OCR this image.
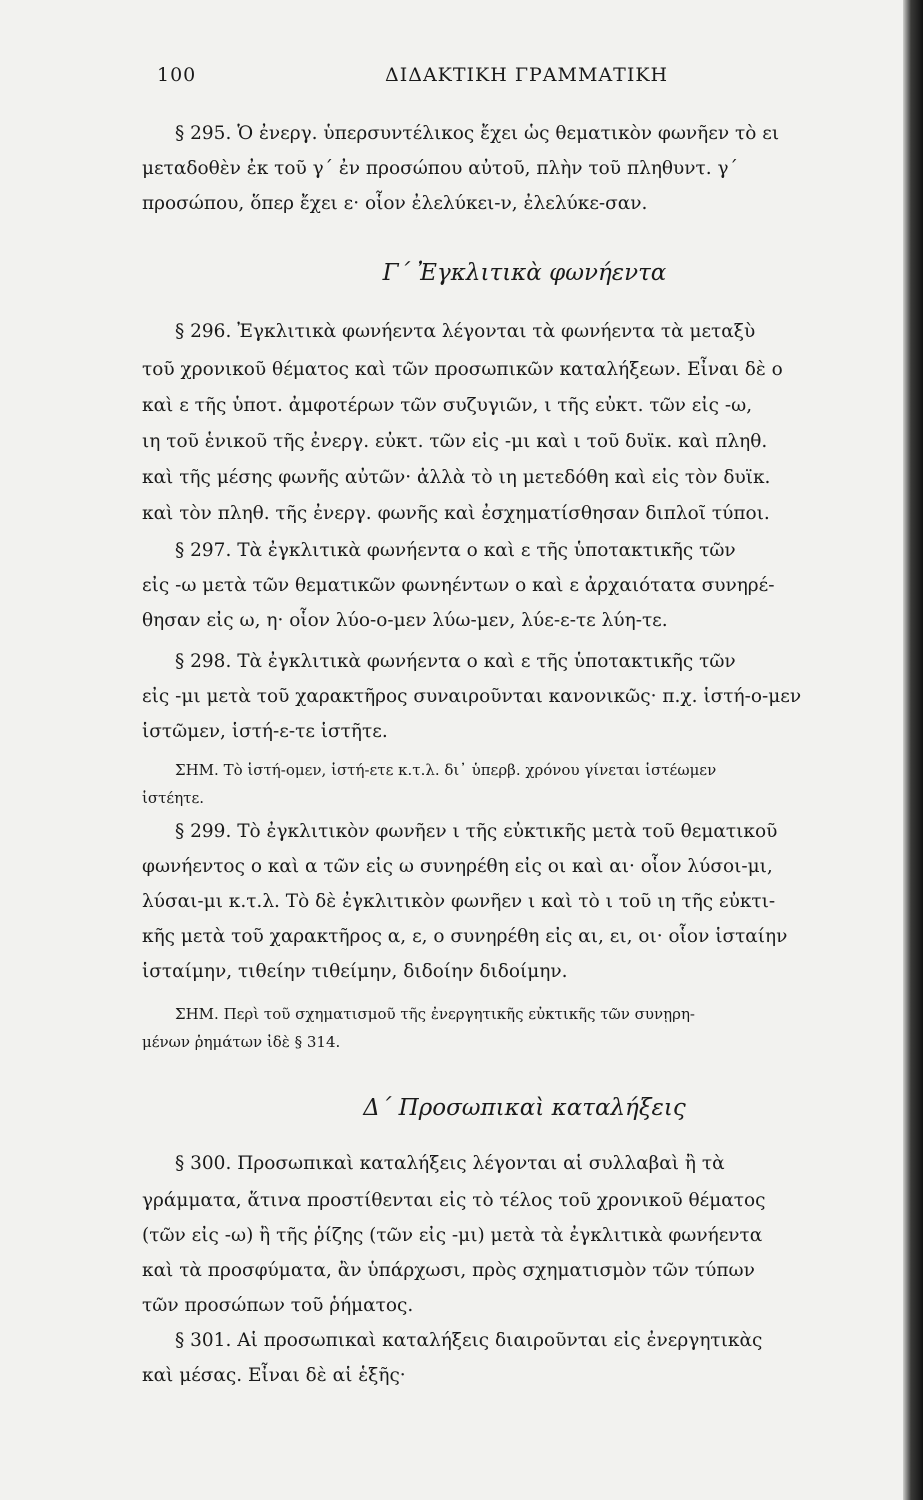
100	ΔΙΔΑΚΤΙΚΗ ΓΡΑΜΜΑΤΙΚΗ
§ 295. Ὁ ἐνεργ. ὑπερσυντέλικος ἔχει ὡς θεματικὸν φωνῆεν τὸ ει
μεταδοθὲν ἐκ τοῦ γ΄ ἐν προσώπου αὐτοῦ, πλὴν τοῦ πληθυντ. γ΄
προσώπου, ὅπερ ἔχει ε· οἷον ἐλελύκει-ν, ἐλελύκε-σαν.
Γ΄ Ἐγκλιτικὰ φωνήεντα
§ 296. Ἐγκλιτικὰ φωνήεντα λέγονται τὰ φωνήεντα τὰ μεταξὺ
τοῦ χρονικοῦ θέματος καὶ τῶν προσωπικῶν καταλήξεων. Εἶναι δὲ ο
καὶ ε τῆς ὑποτ. ἀμφοτέρων τῶν συζυγιῶν, ι τῆς εὐκτ. τῶν εἰς -ω,
ιη τοῦ ἑνικοῦ τῆς ἐνεργ. εὐκτ. τῶν εἰς -μι καὶ ι τοῦ δυϊκ. καὶ πληθ.
καὶ τῆς μέσης φωνῆς αὐτῶν· ἀλλὰ τὸ ιη μετεδόθη καὶ εἰς τὸν δυϊκ.
καὶ τὸν πληθ. τῆς ἐνεργ. φωνῆς καὶ ἐσχηματίσθησαν διπλοῖ τύποι.
§ 297. Τὰ ἐγκλιτικὰ φωνήεντα ο καὶ ε τῆς ὑποτακτικῆς τῶν
εἰς -ω μετὰ τῶν θεματικῶν φωνηέντων ο καὶ ε ἀρχαιότατα συνηρέ-
θησαν εἰς ω, η· οἷον λύο-ο-μεν λύω-μεν, λύε-ε-τε λύη-τε.
§ 298. Τὰ ἐγκλιτικὰ φωνήεντα ο καὶ ε τῆς ὑποτακτικῆς τῶν
εἰς -μι μετὰ τοῦ χαρακτῆρος συναιροῦνται κανονικῶς· π.χ. ἱστή-ο-μεν
ἱστῶμεν, ἱστή-ε-τε ἱστῆτε.
ΣΗΜ. Τὸ ἱστή-ομεν, ἱστή-ετε κ.τ.λ. δι᾽ ὑπερβ. χρόνου γίνεται ἱστέωμεν
ἱστέητε.
§ 299. Τὸ ἐγκλιτικὸν φωνῆεν ι τῆς εὐκτικῆς μετὰ τοῦ θεματικοῦ
φωνήεντος ο καὶ α τῶν εἰς ω συνηρέθη εἰς οι καὶ αι· οἷον λύσοι-μι,
λύσαι-μι κ.τ.λ. Τὸ δὲ ἐγκλιτικὸν φωνῆεν ι καὶ τὸ ι τοῦ ιη τῆς εὐκτι-
κῆς μετὰ τοῦ χαρακτῆρος α, ε, ο συνηρέθη εἰς αι, ει, οι· οἷον ἱσταίην
ἱσταίμην, τιθείην τιθείμην, διδοίην διδοίμην.
ΣΗΜ. Περὶ τοῦ σχηματισμοῦ τῆς ἐνεργητικῆς εὐκτικῆς τῶν συνῃρη-
μένων ῥημάτων ἰδὲ § 314.
Δ΄ Προσωπικαὶ καταλήξεις
§ 300. Προσωπικαὶ καταλήξεις λέγονται αἱ συλλαβαὶ ἢ τὰ
γράμματα, ἅτινα προστίθενται εἰς τὸ τέλος τοῦ χρονικοῦ θέματος
(τῶν εἰς -ω) ἢ τῆς ῥίζης (τῶν εἰς -μι) μετὰ τὰ ἐγκλιτικὰ φωνήεντα
καὶ τὰ προσφύματα, ἂν ὑπάρχωσι, πρὸς σχηματισμὸν τῶν τύπων
τῶν προσώπων τοῦ ῥήματος.
§ 301. Αἱ προσωπικαὶ καταλήξεις διαιροῦνται εἰς ἐνεργητικὰς
καὶ μέσας. Εἶναι δὲ αἱ ἑξῆς·
